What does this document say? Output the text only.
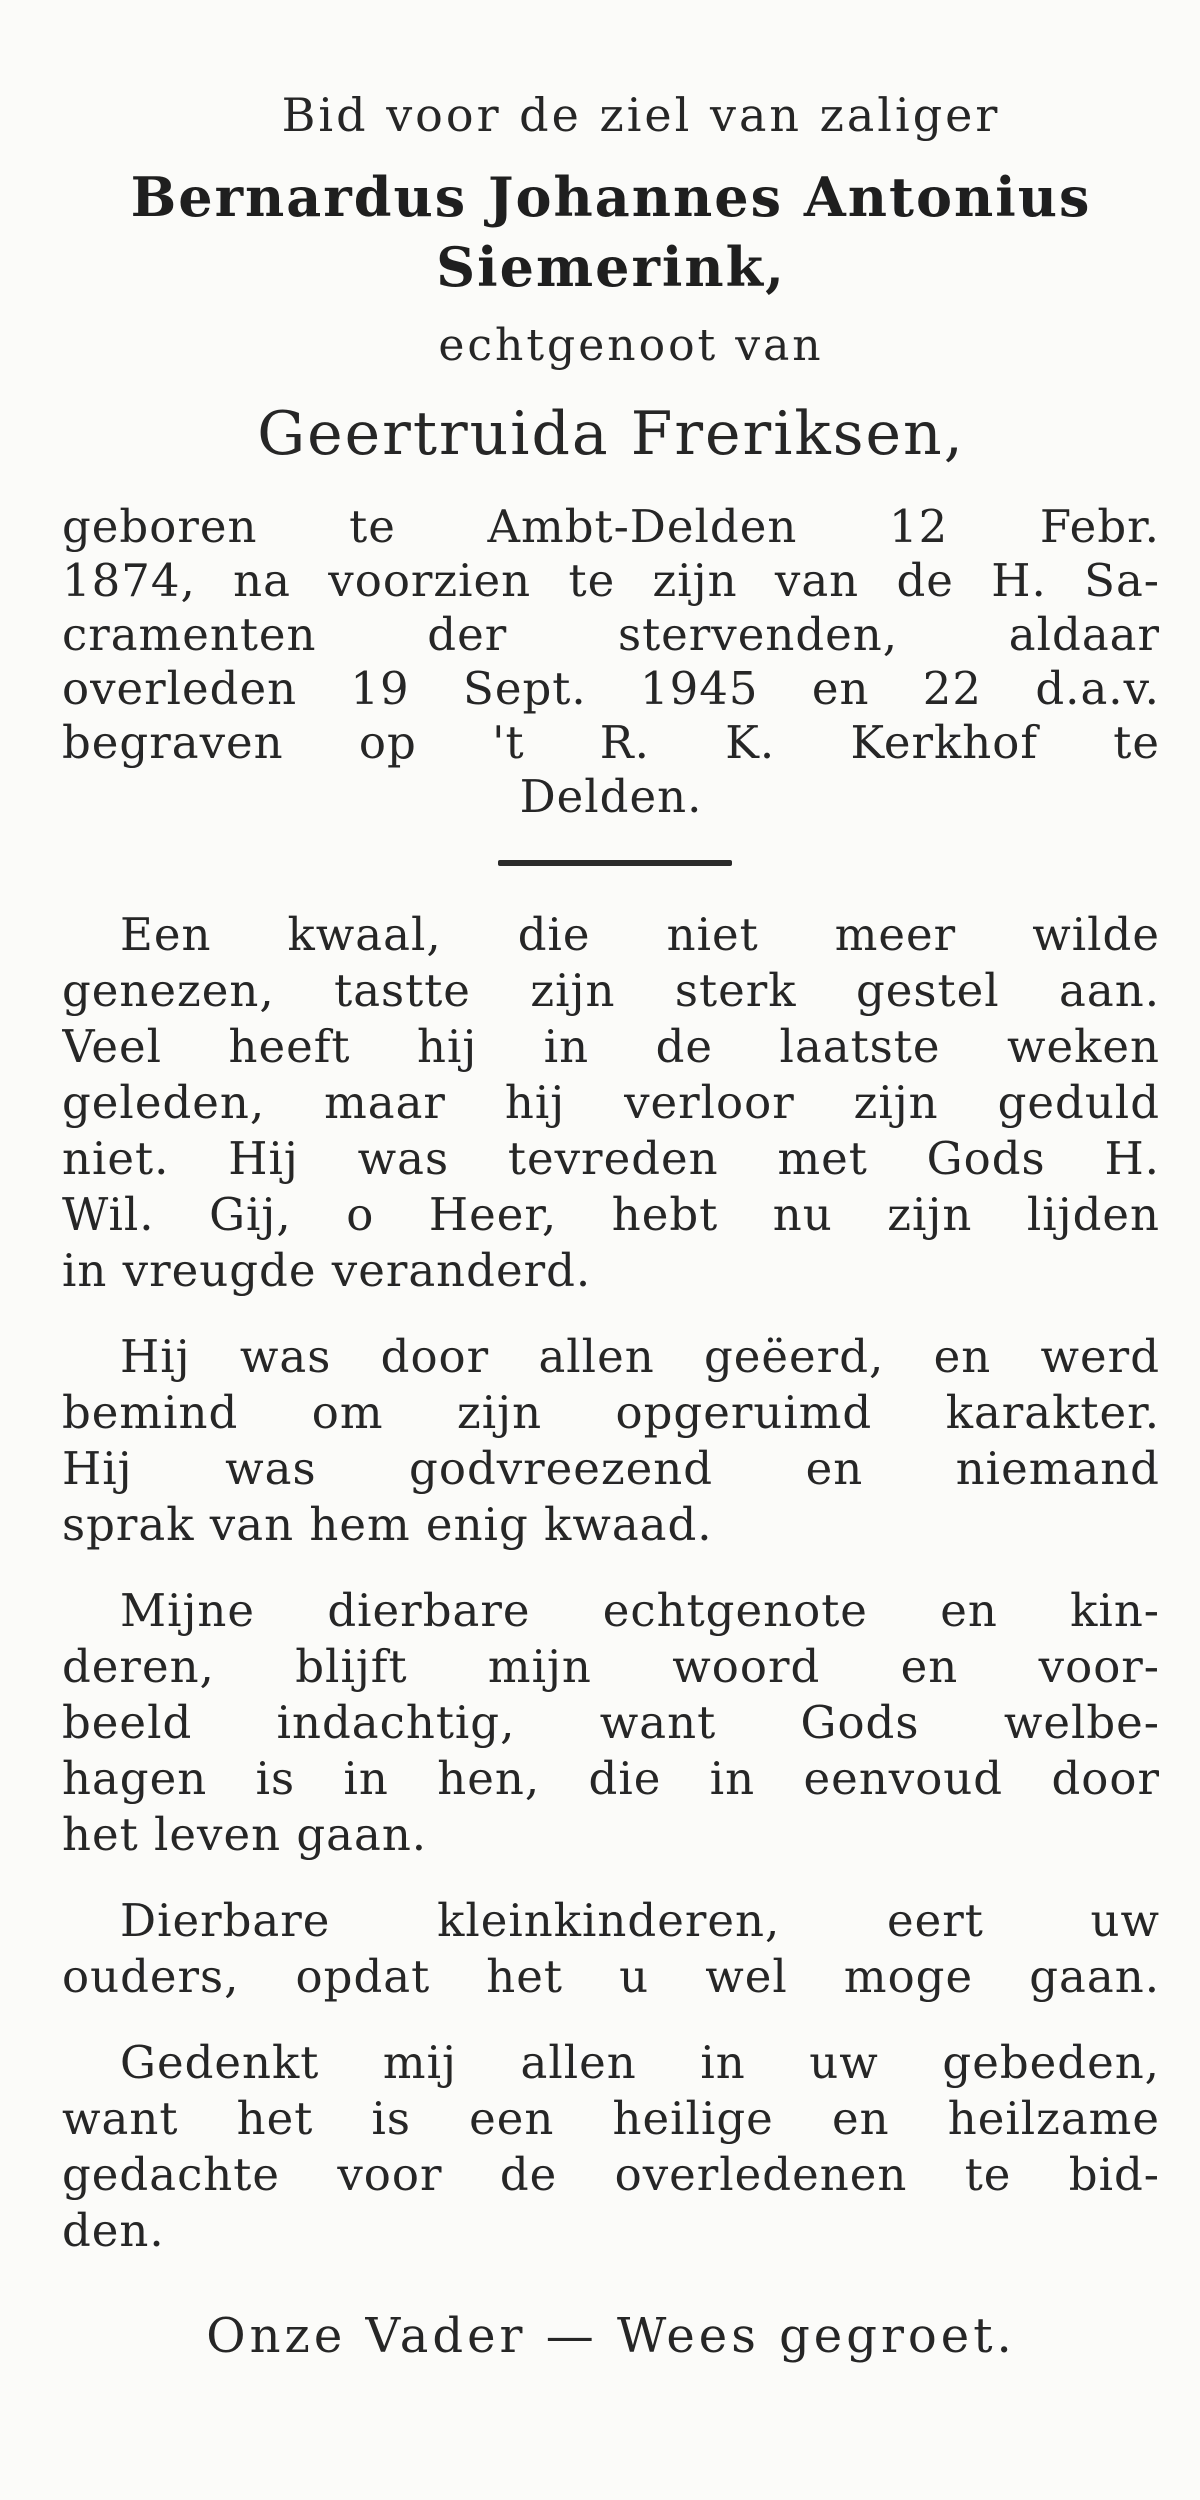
Bid voor de ziel van zaliger
Bernardus Johannes Antonius
Siemerink,
echtgenoot van
Geertruida Freriksen,
geboren te Ambt-Delden 12 Febr.
1874, na voorzien te zijn van de H. Sa-
cramenten der stervenden, aldaar
overleden 19 Sept. 1945 en 22 d.a.v.
begraven op 't R. K. Kerkhof te
Delden.
Een kwaal, die niet meer wilde
genezen, tastte zijn sterk gestel aan.
Veel heeft hij in de laatste weken
geleden, maar hij verloor zijn geduld
niet. Hij was tevreden met Gods H.
Wil. Gij, o Heer, hebt nu zijn lijden
in vreugde veranderd.
Hij was door allen geëerd, en werd
bemind om zijn opgeruimd karakter.
Hij was godvreezend en niemand
sprak van hem enig kwaad.
Mijne dierbare echtgenote en kin-
deren, blijft mijn woord en voor-
beeld indachtig, want Gods welbe-
hagen is in hen, die in eenvoud door
het leven gaan.
Dierbare kleinkinderen, eert uw
ouders, opdat het u wel moge gaan.
Gedenkt mij allen in uw gebeden,
want het is een heilige en heilzame
gedachte voor de overledenen te bid-
den.
Onze Vader — Wees gegroet.
